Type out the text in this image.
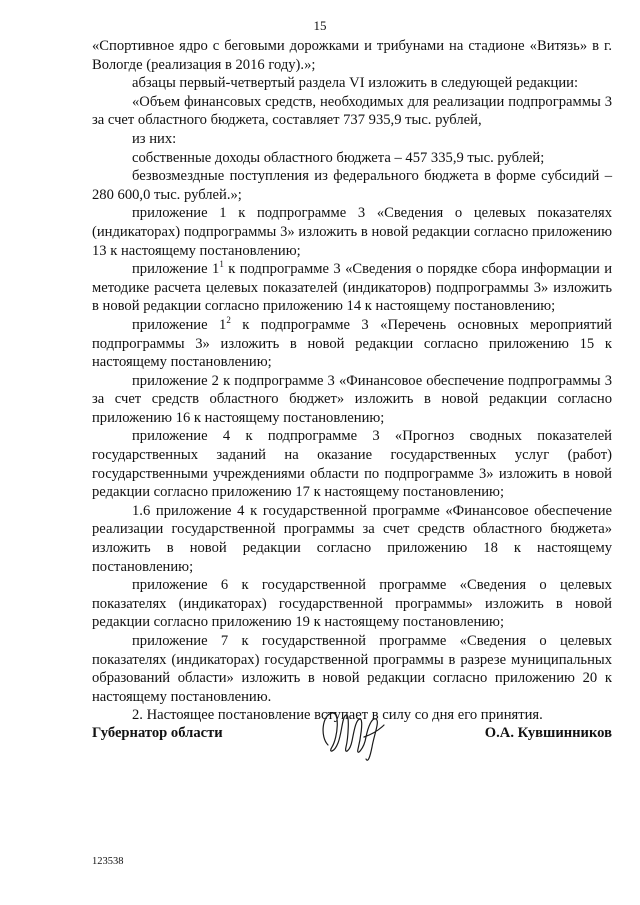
15

«Спортивное ядро с беговыми дорожками и трибунами на стадионе «Витязь» в г. Вологде (реализация в 2016 году).»;

абзацы первый-четвертый раздела VI изложить в следующей редакции:

«Объем финансовых средств, необходимых для реализации подпрограммы 3 за счет областного бюджета, составляет 737 935,9 тыс. рублей,

из них:

собственные доходы областного бюджета – 457 335,9 тыс. рублей;

безвозмездные поступления из федерального бюджета в форме субсидий – 280 600,0 тыс. рублей.»;

приложение 1 к подпрограмме 3 «Сведения о целевых показателях (индикаторах) подпрограммы 3» изложить в новой редакции согласно приложению 13 к настоящему постановлению;

приложение $1^1$ к подпрограмме 3 «Сведения о порядке сбора информации и методике расчета целевых показателей (индикаторов) подпрограммы 3» изложить в новой редакции согласно приложению 14 к настоящему постановлению;

приложение $1^2$ к подпрограмме 3 «Перечень основных мероприятий подпрограммы 3» изложить в новой редакции согласно приложению 15 к настоящему постановлению;

приложение 2 к подпрограмме 3 «Финансовое обеспечение подпрограммы 3 за счет средств областного бюджет» изложить в новой редакции согласно приложению 16 к настоящему постановлению;

приложение 4 к подпрограмме 3 «Прогноз сводных показателей государственных заданий на оказание государственных услуг (работ) государственными учреждениями области по подпрограмме 3» изложить в новой редакции согласно приложению 17 к настоящему постановлению;

1.6 приложение 4 к государственной программе «Финансовое обеспечение реализации государственной программы за счет средств областного бюджета» изложить в новой редакции согласно приложению 18 к настоящему постановлению;

приложение 6 к государственной программе «Сведения о целевых показателях (индикаторах) государственной программы» изложить в новой редакции согласно приложению 19 к настоящему постановлению;

приложение 7 к государственной программе «Сведения о целевых показателях (индикаторах) государственной программы в разрезе муниципальных образований области» изложить в новой редакции согласно приложению 20 к настоящему постановлению.

2. Настоящее постановление вступает в силу со дня его принятия.

Губернатор области	О.А. Кувшинников
123538
